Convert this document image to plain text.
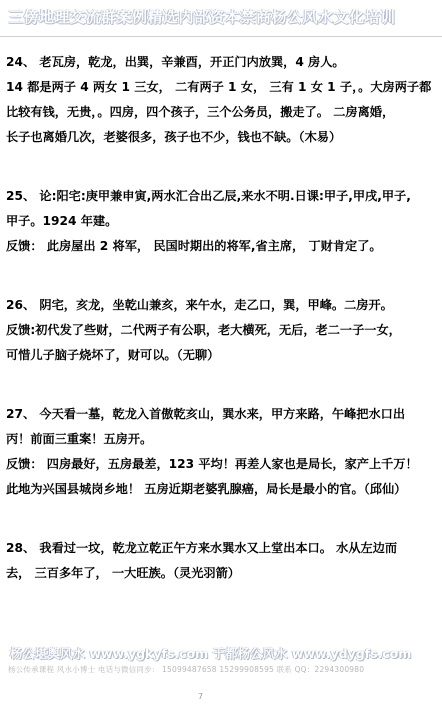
三傍地理交流群案例精选内部资本禁商杨公风水文化培训

24、 老瓦房，乾龙，出巽，辛兼酉，开正门内放巽，4 房人。

14 都是两子 4 两女 1 三女， 二有两子 1 女， 三有 1 女 1 子，。大房两子都

比较有钱，无贵，。四房，四个孩子，三个公务员，搬走了。 二房离婚，

长子也离婚几次，老婆很多，孩子也不少，钱也不缺。（木易）

25、 论:阳宅:庚甲兼申寅,两水汇合出乙辰,来水不明.日课:甲子,甲戌,甲子,

甲子。1924 年建。

反馈： 此房屋出 2 将军， 民国时期出的将军,省主席， 丁财肯定了。

26、 阴宅，亥龙，坐乾山兼亥，来午水，走乙口，巽，甲峰。二房开。

反馈:初代发了些财，二代两子有公职，老大横死，无后，老二一子一女，

可惜儿子脑子烧坏了，财可以。（无聊）

27、 今天看一墓，乾龙入首傲乾亥山，巽水来，甲方来路，午峰把水口出

丙！前面三重案！五房开。

反馈： 四房最好，五房最差，123 平均！再差人家也是局长，家产上千万！

此地为兴国县城岗乡地！ 五房近期老婆乳腺癌，局长是最小的官。（邱仙）

28、 我看过一坟，乾龙立乾正午方来水巽水又上堂出本口。 水从左边而

去， 三百多年了， 一大旺族。（灵光羽箭）

杨公堪舆风水 www.ygkyfs.com 于都杨公风水 www.ydygfs.com
杨公传承课程 风水小博士 电话与微信同步： 15099487658 15299908595 联系 QQ：2294300980
7
